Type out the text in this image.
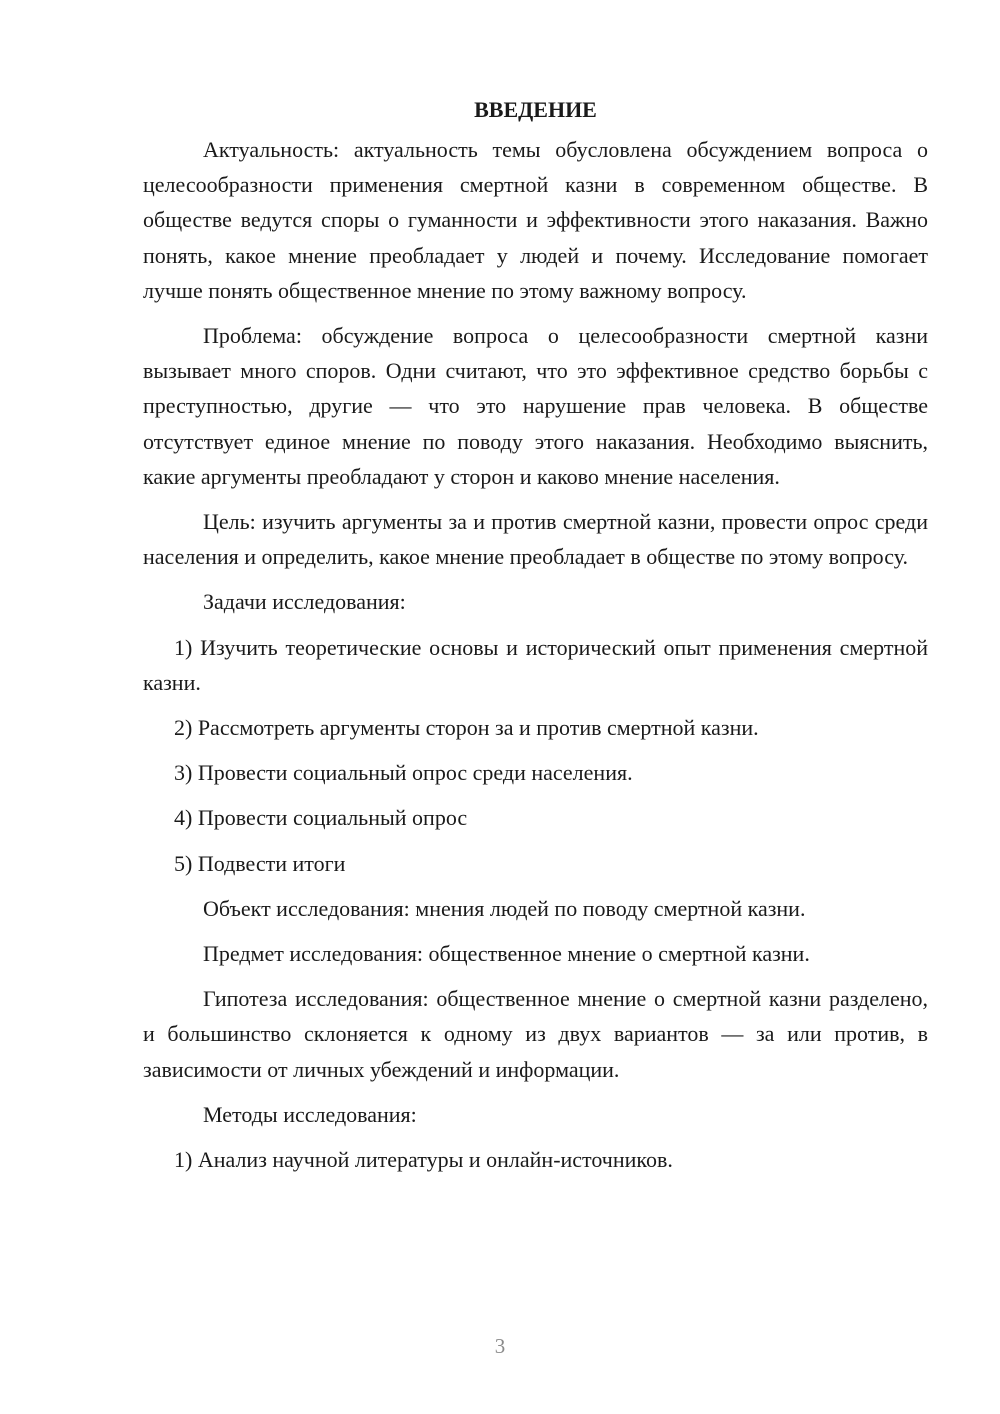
ВВЕДЕНИЕ

Актуальность: актуальность темы обусловлена обсуждением вопроса о целесообразности применения смертной казни в современном обществе. В обществе ведутся споры о гуманности и эффективности этого наказания. Важно понять, какое мнение преобладает у людей и почему. Исследование помогает лучше понять общественное мнение по этому важному вопросу.

Проблема: обсуждение вопроса о целесообразности смертной казни вызывает много споров. Одни считают, что это эффективное средство борьбы с преступностью, другие — что это нарушение прав человека. В обществе отсутствует единое мнение по поводу этого наказания. Необходимо выяснить, какие аргументы преобладают у сторон и каково мнение населения.

Цель: изучить аргументы за и против смертной казни, провести опрос среди населения и определить, какое мнение преобладает в обществе по этому вопросу.

Задачи исследования:

1) Изучить теоретические основы и исторический опыт применения смертной казни.

2) Рассмотреть аргументы сторон за и против смертной казни.

3) Провести социальный опрос среди населения.

4) Провести социальный опрос

5) Подвести итоги

Объект исследования: мнения людей по поводу смертной казни.

Предмет исследования: общественное мнение о смертной казни.

Гипотеза исследования: общественное мнение о смертной казни разделено, и большинство склоняется к одному из двух вариантов — за или против, в зависимости от личных убеждений и информации.

Методы исследования:

1) Анализ научной литературы и онлайн-источников.

3
